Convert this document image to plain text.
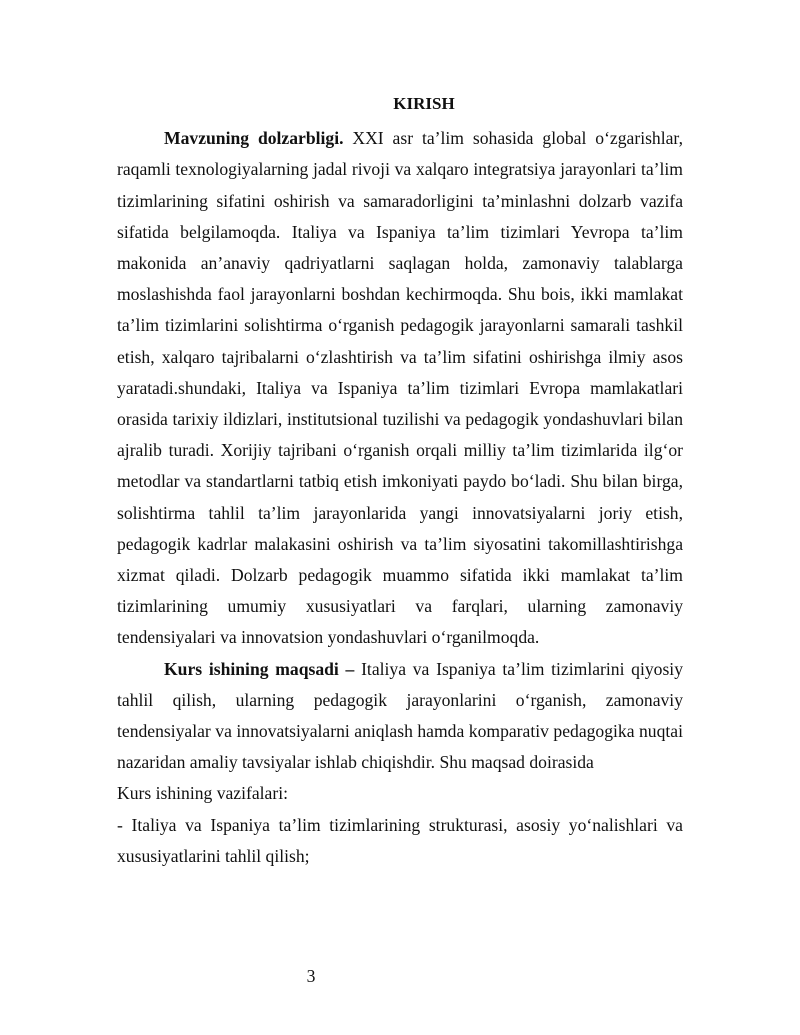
KIRISH

Mavzuning dolzarbligi. XXI asr ta’lim sohasida global o‘zgarishlar, raqamli texnologiyalarning jadal rivoji va xalqaro integratsiya jarayonlari ta’lim tizimlarining sifatini oshirish va samaradorligini ta’minlashni dolzarb vazifa sifatida belgilamoqda. Italiya va Ispaniya ta’lim tizimlari Yevropa ta’lim makonida an’anaviy qadriyatlarni saqlagan holda, zamonaviy talablarga moslashishda faol jarayonlarni boshdan kechirmoqda. Shu bois, ikki mamlakat ta’lim tizimlarini solishtirma o‘rganish pedagogik jarayonlarni samarali tashkil etish, xalqaro tajribalarni o‘zlashtirish va ta’lim sifatini oshirishga ilmiy asos yaratadi.shundaki, Italiya va Ispaniya ta’lim tizimlari Evropa mamlakatlari orasida tarixiy ildizlari, institutsional tuzilishi va pedagogik yondashuvlari bilan ajralib turadi. Xorijiy tajribani o‘rganish orqali milliy ta’lim tizimlarida ilg‘or metodlar va standartlarni tatbiq etish imkoniyati paydo bo‘ladi. Shu bilan birga, solishtirma tahlil ta’lim jarayonlarida yangi innovatsiyalarni joriy etish, pedagogik kadrlar malakasini oshirish va ta’lim siyosatini takomillashtirishga xizmat qiladi. Dolzarb pedagogik muammo sifatida ikki mamlakat ta’lim tizimlarining umumiy xususiyatlari va farqlari, ularning zamonaviy tendensiyalari va innovatsion yondashuvlari o‘rganilmoqda.

Kurs ishining maqsadi – Italiya va Ispaniya ta’lim tizimlarini qiyosiy tahlil qilish, ularning pedagogik jarayonlarini o‘rganish, zamonaviy tendensiyalar va innovatsiyalarni aniqlash hamda komparativ pedagogika nuqtai nazaridan amaliy tavsiyalar ishlab chiqishdir. Shu maqsad doirasida

Kurs ishining vazifalari:

- Italiya va Ispaniya ta’lim tizimlarining strukturasi, asosiy yo‘nalishlari va xususiyatlarini tahlil qilish;

3
